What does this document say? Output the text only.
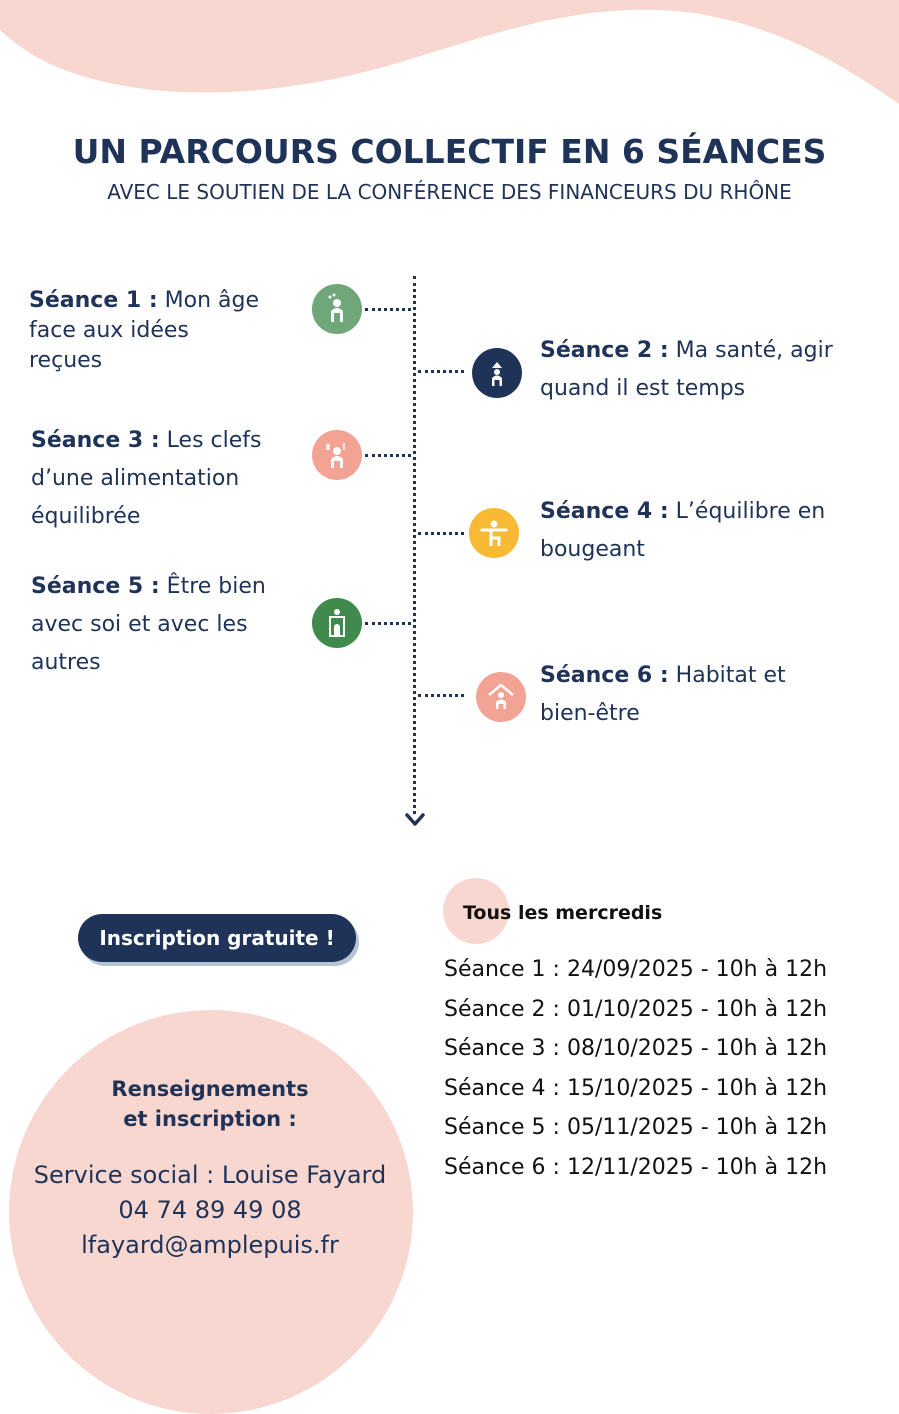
UN PARCOURS COLLECTIF EN 6 SÉANCES
AVEC LE SOUTIEN DE LA CONFÉRENCE DES FINANCEURS DU RHÔNE
Séance 1 : Mon âge
face aux idées
reçues	Séance 2 : Ma santé, agir
quand il est temps
Séance 3 : Les clefs
d’une alimentation
équilibrée	Séance 4 : L’équilibre en
bougeant
Séance 5 : Être bien
avec soi et avec les
autres
Séance 6 : Habitat et
bien-être
Inscription gratuite !
Tous les mercredis
Séance 1 : 24/09/2025 - 10h à 12h
Séance 2 : 01/10/2025 - 10h à 12h
Séance 3 : 08/10/2025 - 10h à 12h
Séance 4 : 15/10/2025 - 10h à 12h
Séance 5 : 05/11/2025 - 10h à 12h
Séance 6 : 12/11/2025 - 10h à 12h
Renseignements
et inscription :
Service social : Louise Fayard
04 74 89 49 08
lfayard@amplepuis.fr
